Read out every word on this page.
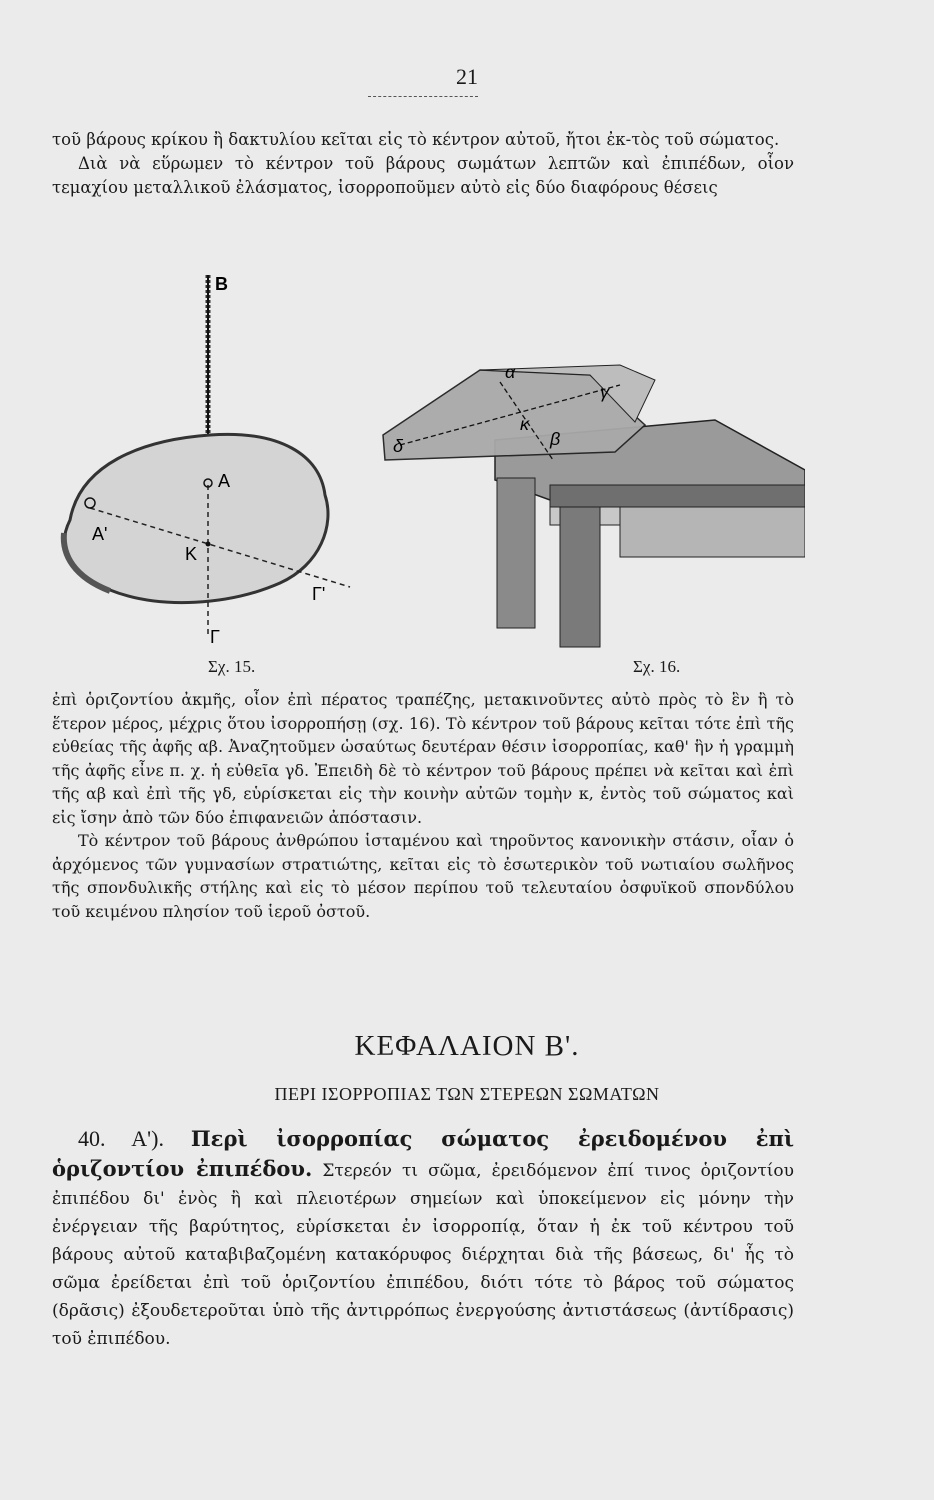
21

τοῦ βάρους κρίκου ἢ δακτυλίου κεῖται εἰς τὸ κέντρον αὐτοῦ, ἤτοι ἐκ-τὸς τοῦ σώματος.

Διὰ νὰ εὕρωμεν τὸ κέντρον τοῦ βάρους σωμάτων λεπτῶν καὶ ἐπιπέδων, οἷον τεμαχίου μεταλλικοῦ ἐλάσματος, ἰσορροποῦμεν αὐτὸ εἰς δύο διαφόρους θέσεις

B
A
A'
K
Γ'
Γ
α
γ
κ
β
δ
Σχ. 15.	Σχ. 16.

ἐπὶ ὁριζοντίου ἀκμῆς, οἷον ἐπὶ πέρατος τραπέζης, μετακινοῦντες αὐτὸ πρὸς τὸ ἓν ἢ τὸ ἕτερον μέρος, μέχρις ὅτου ἰσορροπήσῃ (σχ. 16). Τὸ κέντρον τοῦ βάρους κεῖται τότε ἐπὶ τῆς εὐθείας τῆς ἀφῆς αβ. Ἀναζητοῦμεν ὡσαύτως δευτέραν θέσιν ἰσορροπίας, καθ' ἣν ἡ γραμμὴ τῆς ἀφῆς εἶνε π. χ. ἡ εὐθεῖα γδ. Ἐπειδὴ δὲ τὸ κέντρον τοῦ βάρους πρέπει νὰ κεῖται καὶ ἐπὶ τῆς αβ καὶ ἐπὶ τῆς γδ, εὑρίσκεται εἰς τὴν κοινὴν αὐτῶν τομὴν κ, ἐντὸς τοῦ σώματος καὶ εἰς ἴσην ἀπὸ τῶν δύο ἐπιφανειῶν ἀπόστασιν.

Τὸ κέντρον τοῦ βάρους ἀνθρώπου ἱσταμένου καὶ τηροῦντος κανονικὴν στάσιν, οἷαν ὁ ἀρχόμενος τῶν γυμνασίων στρατιώτης, κεῖται εἰς τὸ ἐσωτερικὸν τοῦ νωτιαίου σωλῆνος τῆς σπονδυλικῆς στήλης καὶ εἰς τὸ μέσον περίπου τοῦ τελευταίου ὀσφυϊκοῦ σπονδύλου τοῦ κειμένου πλησίον τοῦ ἱεροῦ ὀστοῦ.

ΚΕΦΑΛΑΙΟΝ Β'.
ΠΕΡΙ ΙΣΟΡΡΟΠΙΑΣ ΤΩΝ ΣΤΕΡΕΩΝ ΣΩΜΑΤΩΝ

40. Α'). Περὶ ἰσορροπίας σώματος ἐρειδομένου ἐπὶ ὁριζοντίου ἐπιπέδου. Στερεόν τι σῶμα, ἐρειδόμενον ἐπί τινος ὁριζοντίου ἐπιπέδου δι' ἑνὸς ἢ καὶ πλειοτέρων σημείων καὶ ὑποκείμενον εἰς μόνην τὴν ἐνέργειαν τῆς βαρύτητος, εὑρίσκεται ἐν ἰσορροπίᾳ, ὅταν ἡ ἐκ τοῦ κέντρου τοῦ βάρους αὐτοῦ καταβιβαζομένη κατακόρυφος διέρχηται διὰ τῆς βάσεως, δι' ἧς τὸ σῶμα ἐρείδεται ἐπὶ τοῦ ὁριζοντίου ἐπιπέδου, διότι τότε τὸ βάρος τοῦ σώματος (δρᾶσις) ἐξουδετεροῦται ὑπὸ τῆς ἀντιρρόπως ἐνεργούσης ἀντιστάσεως (ἀντίδρασις) τοῦ ἐπιπέδου.
